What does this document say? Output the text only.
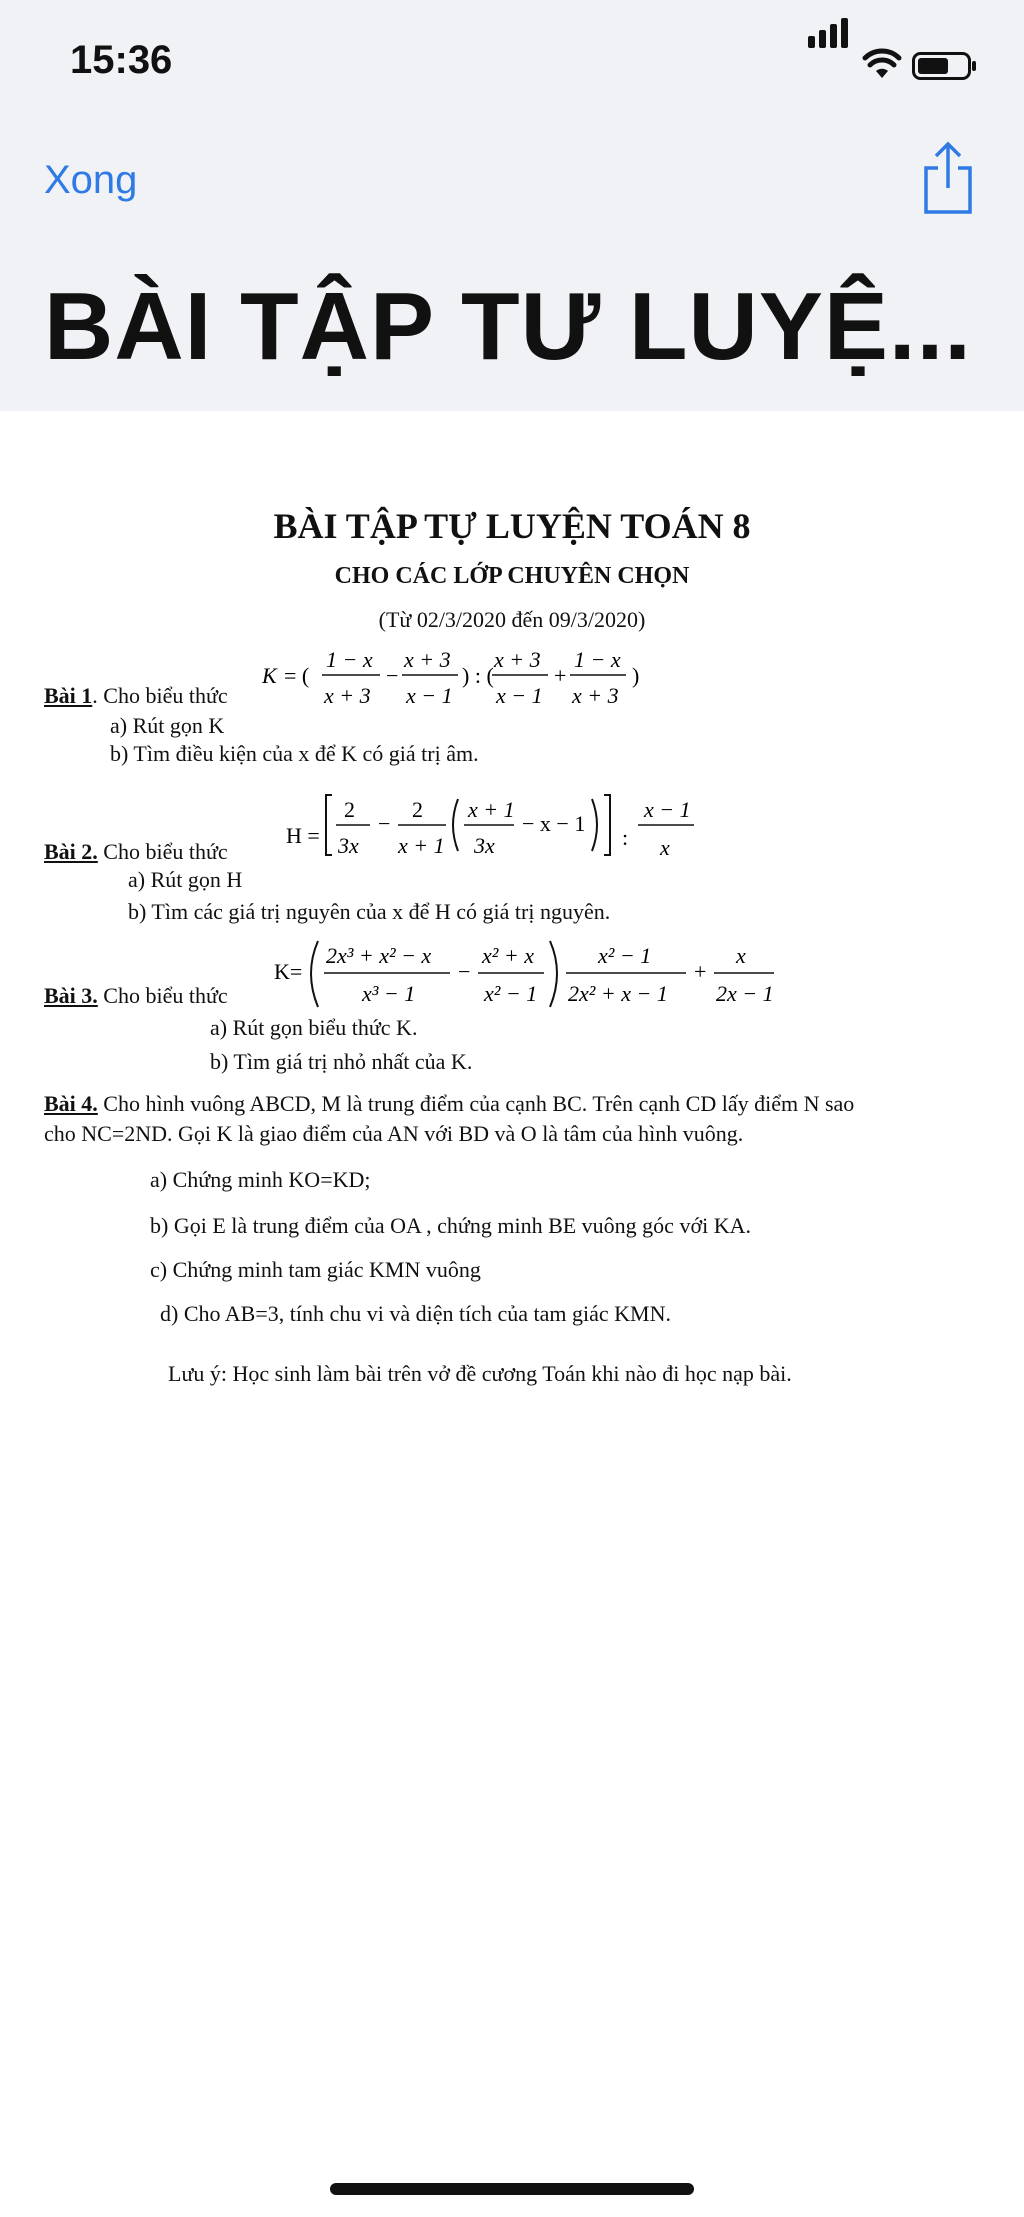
15:36
Xong
BÀI TẬP TƯ LUYỆ...
BÀI TẬP TỰ LUYỆN TOÁN 8
CHO CÁC LỚP CHUYÊN CHỌN
(Từ 02/3/2020 đến 09/3/2020)
Bài 1. Cho biểu thức
K = (
1 − x
x + 3
−
x + 3
x − 1
) : (
x + 3
x − 1
+
1 − x
x + 3
)
a) Rút gọn K
b) Tìm điều kiện của x để K có giá trị âm.
Bài 2. Cho biểu thức
H =
2
3x
−
2
x + 1
x + 1
3x
− x − 1
:
x − 1
x
a) Rút gọn H
b) Tìm các giá trị nguyên của x để H có giá trị nguyên.
Bài 3. Cho biểu thức
K=
2x³ + x² − x
x³ − 1
−
x² + x
x² − 1
x² − 1
2x² + x − 1
+
x
2x − 1
a) Rút gọn biểu thức K.
b) Tìm giá trị nhỏ nhất của K.
Bài 4. Cho hình vuông ABCD, M là trung điểm của cạnh BC. Trên cạnh CD lấy điểm N sao
cho NC=2ND. Gọi K là giao điểm của AN với BD và O là tâm của hình vuông.
a) Chứng minh KO=KD;
b) Gọi E là trung điểm của OA , chứng minh BE vuông góc với KA.
c) Chứng minh tam giác KMN vuông
d) Cho AB=3, tính chu vi và diện tích của tam giác KMN.
Lưu ý: Học sinh làm bài trên vở đề cương Toán khi nào đi học nạp bài.
